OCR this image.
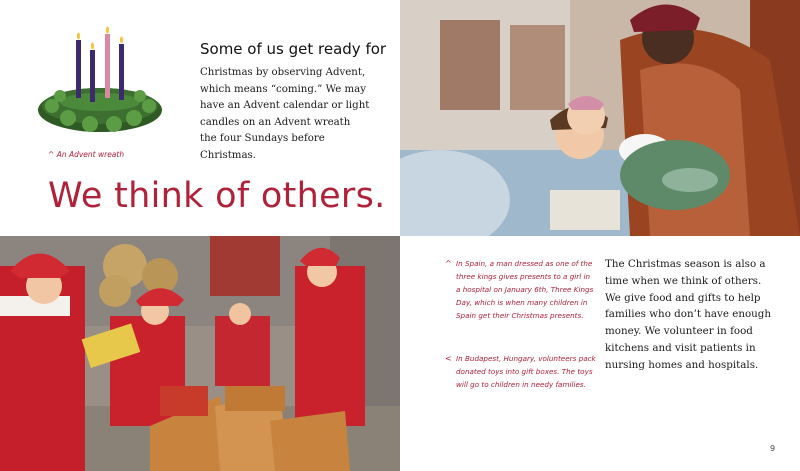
^ An Advent wreath
Some of us get ready for
Christmas by observing Advent, which means “coming.” We may have an Advent calendar or light candles on an Advent wreath the four Sundays before Christmas.
We think of others.
^ In Spain, a man dressed as one of the three kings gives presents to a girl in a hospital on January 6th, Three Kings Day, which is when many children in Spain get their Christmas presents.
< In Budapest, Hungary, volunteers pack donated toys into gift boxes. The toys will go to children in needy families.
The Christmas season is also a time when we think of others. We give food and gifts to help families who don’t have enough money. We volunteer in food kitchens and visit patients in nursing homes and hospitals.
9
